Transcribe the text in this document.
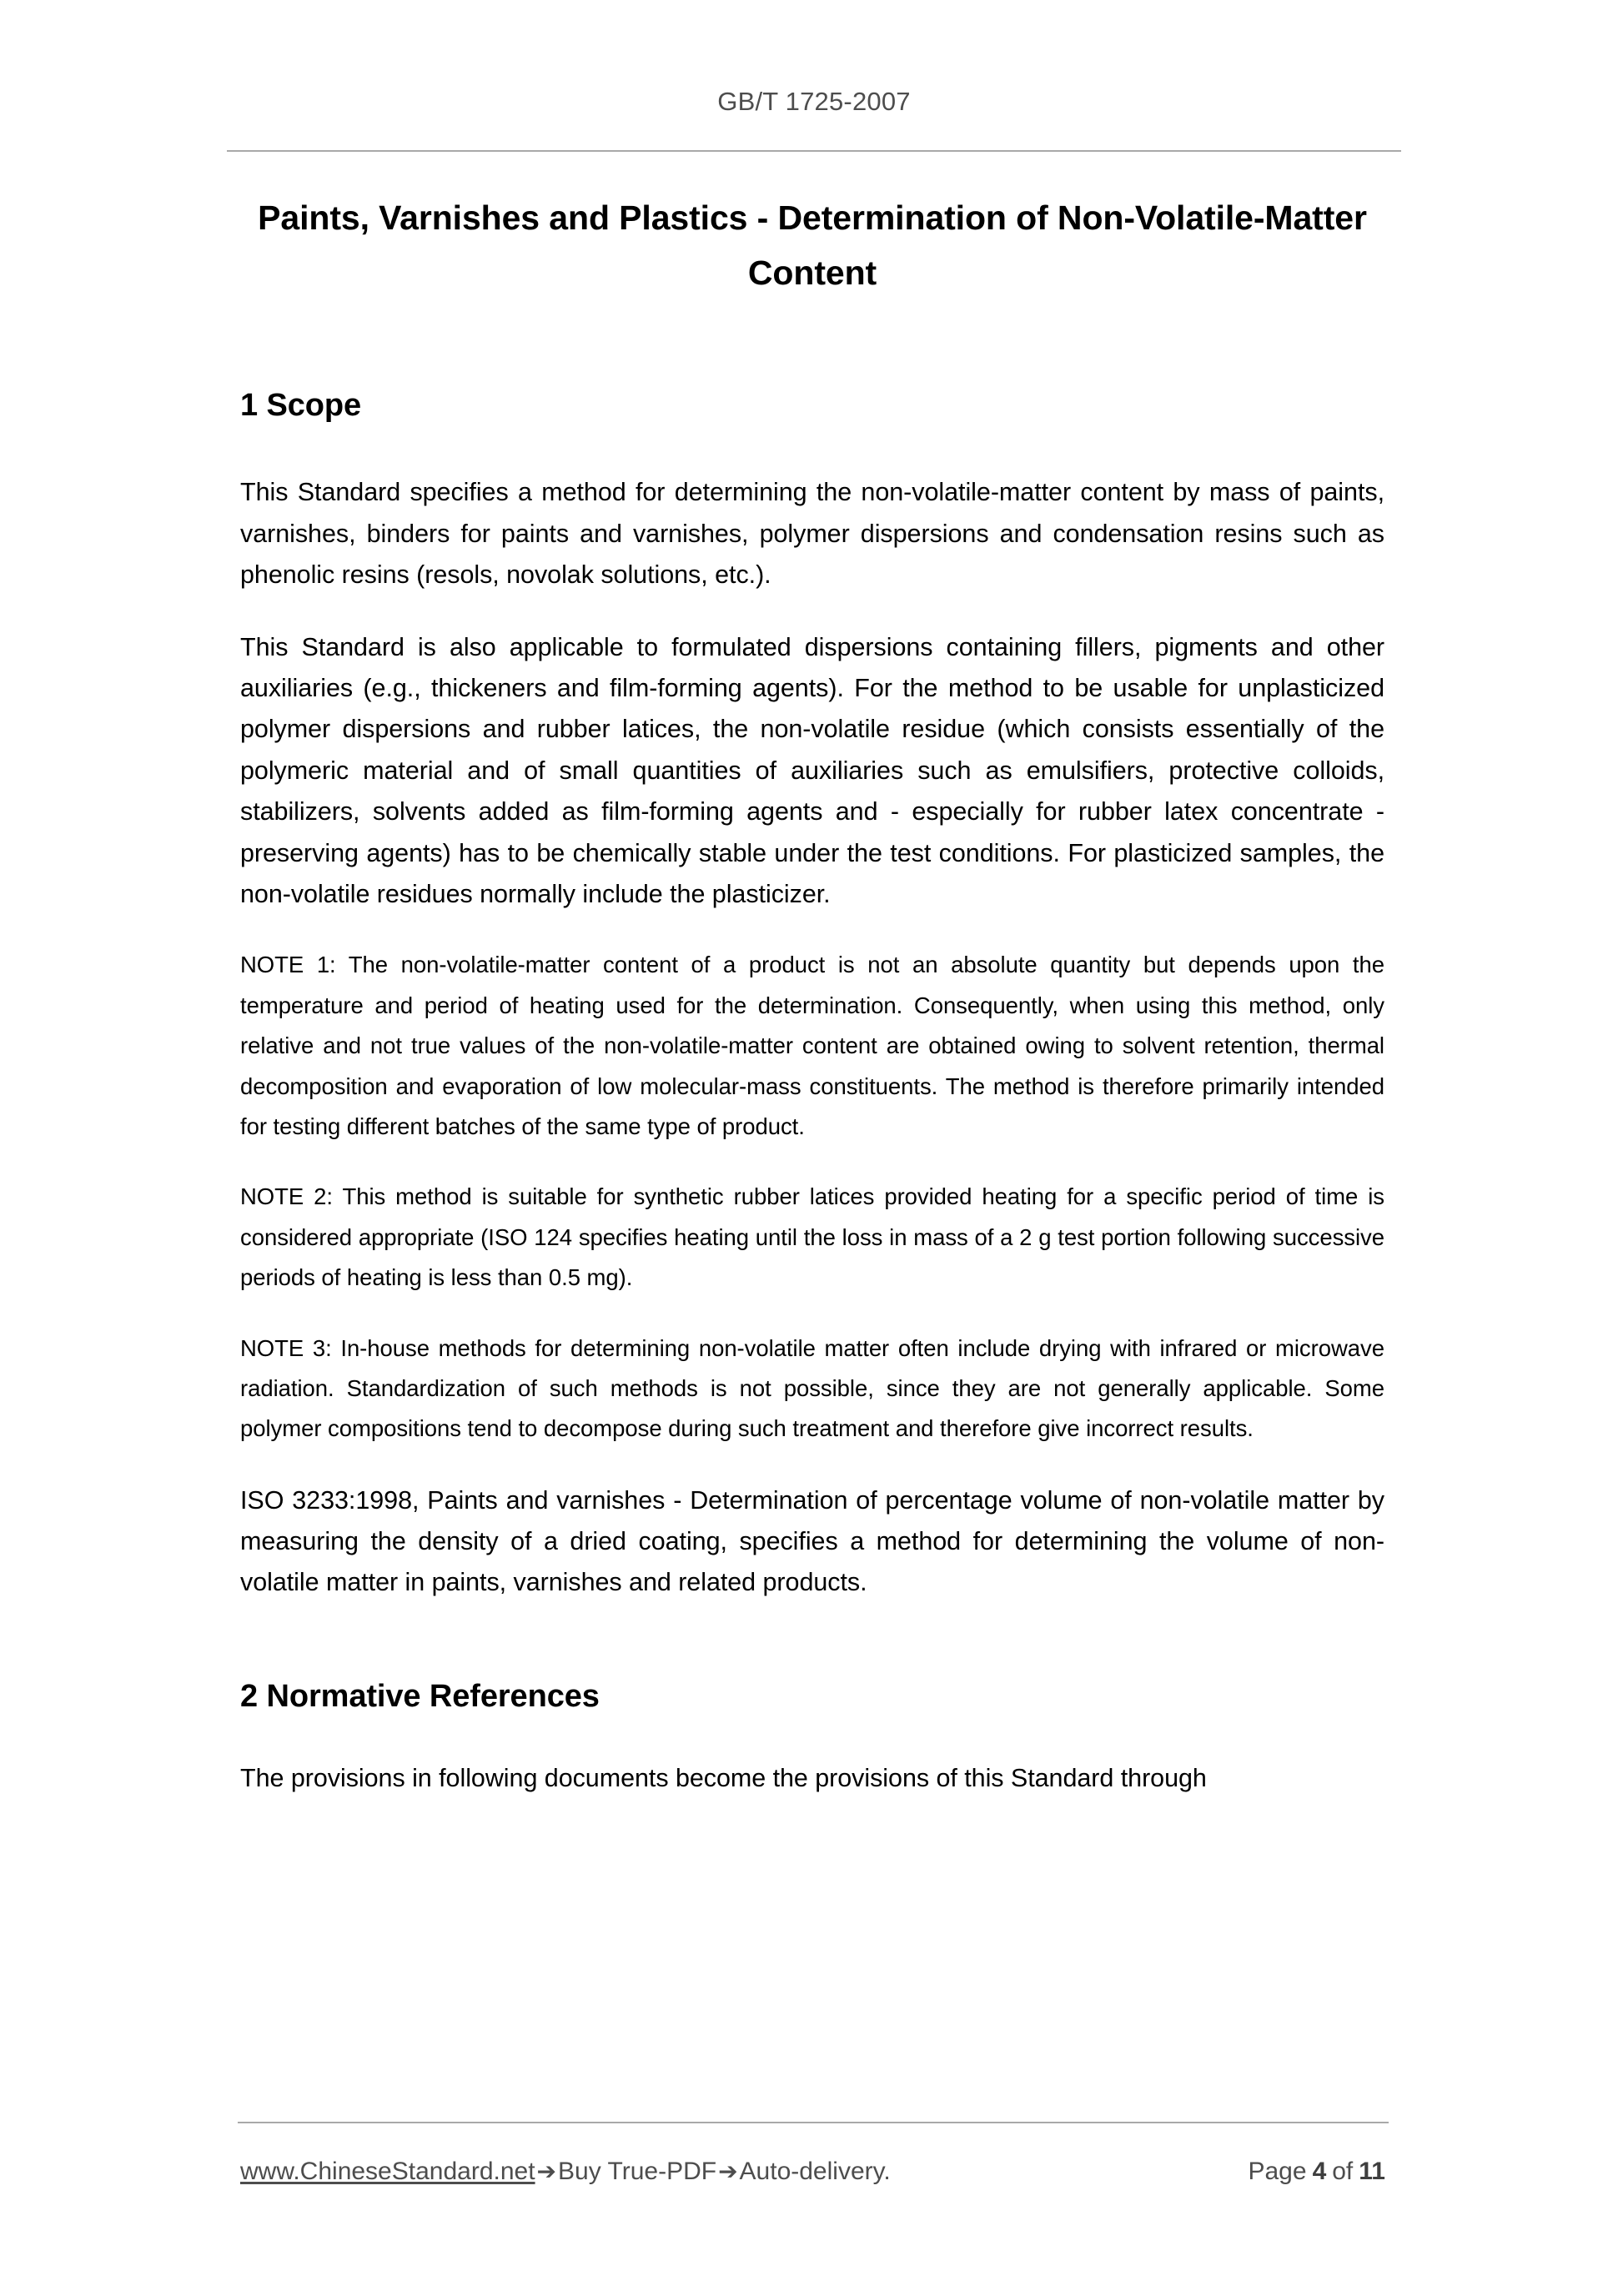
GB/T 1725-2007
Paints, Varnishes and Plastics - Determination of Non-Volatile-Matter Content
1 Scope

This Standard specifies a method for determining the non-volatile-matter content by mass of paints, varnishes, binders for paints and varnishes, polymer dispersions and condensation resins such as phenolic resins (resols, novolak solutions, etc.).

This Standard is also applicable to formulated dispersions containing fillers, pigments and other auxiliaries (e.g., thickeners and film-forming agents). For the method to be usable for unplasticized polymer dispersions and rubber latices, the non-volatile residue (which consists essentially of the polymeric material and of small quantities of auxiliaries such as emulsifiers, protective colloids, stabilizers, solvents added as film-forming agents and - especially for rubber latex concentrate - preserving agents) has to be chemically stable under the test conditions. For plasticized samples, the non-volatile residues normally include the plasticizer.

NOTE 1: The non-volatile-matter content of a product is not an absolute quantity but depends upon the temperature and period of heating used for the determination. Consequently, when using this method, only relative and not true values of the non-volatile-matter content are obtained owing to solvent retention, thermal decomposition and evaporation of low molecular-mass constituents. The method is therefore primarily intended for testing different batches of the same type of product.

NOTE 2: This method is suitable for synthetic rubber latices provided heating for a specific period of time is considered appropriate (ISO 124 specifies heating until the loss in mass of a 2 g test portion following successive periods of heating is less than 0.5 mg).

NOTE 3: In-house methods for determining non-volatile matter often include drying with infrared or microwave radiation. Standardization of such methods is not possible, since they are not generally applicable. Some polymer compositions tend to decompose during such treatment and therefore give incorrect results.

ISO 3233:1998, Paints and varnishes - Determination of percentage volume of non-volatile matter by measuring the density of a dried coating, specifies a method for determining the volume of non-volatile matter in paints, varnishes and related products.

2 Normative References

The provisions in following documents become the provisions of this Standard through

www.ChineseStandard.net➔Buy True-PDF➔Auto-delivery.	Page 4 of 11
